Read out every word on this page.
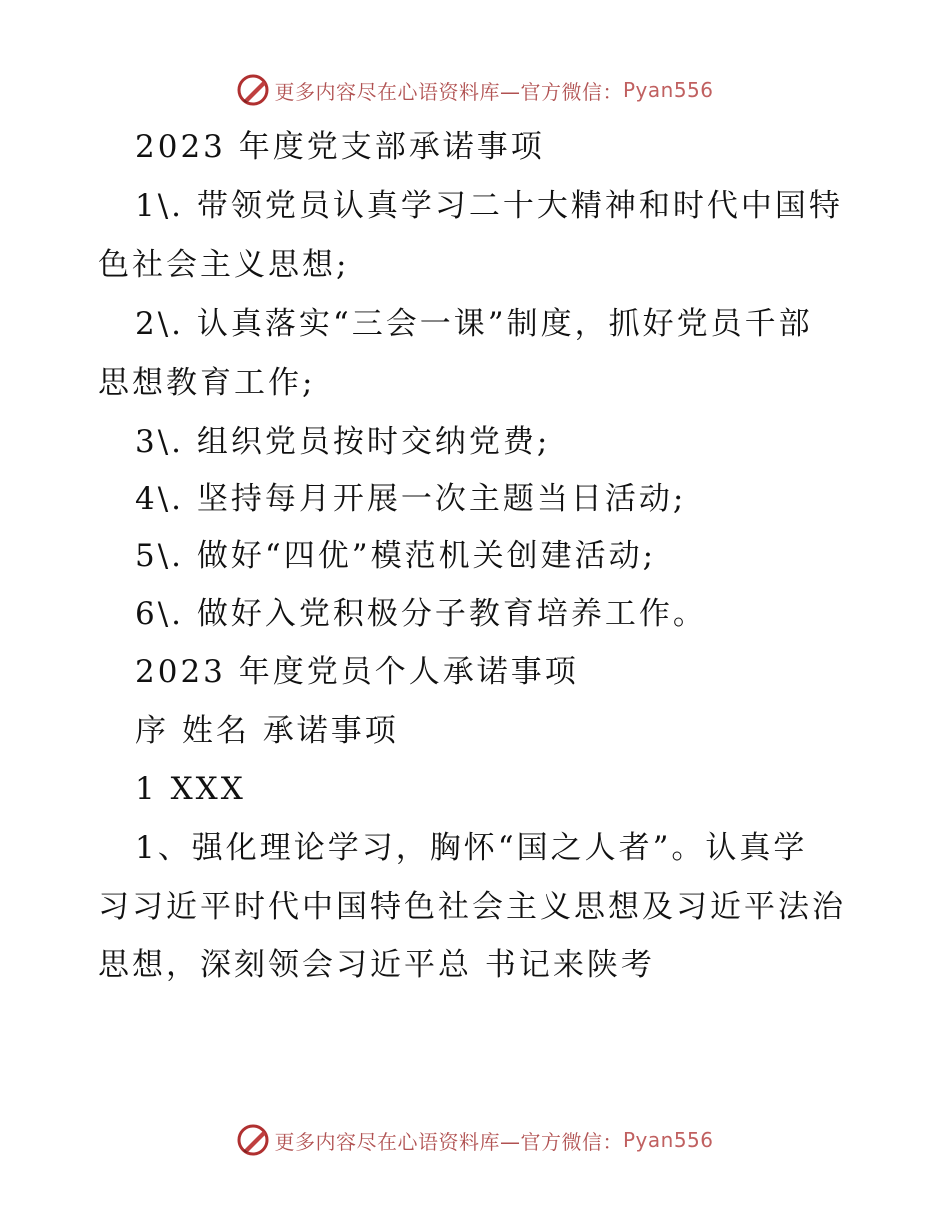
更多内容尽在心语资料库—官方微信： Pyan556
2023 年度党支部承诺事项
1\. 带领党员认真学习二十大精神和时代中国特
色社会主义思想;
2\. 认真落实“三会一课”制度，抓好党员千部
思想教育工作;
3\. 组织党员按时交纳党费;
4\. 坚持每月开展一次主题当日活动;
5\. 做好“四优”模范机关创建活动;
6\. 做好入党积极分子教育培养工作。
2023 年度党员个人承诺事项
序 姓名 承诺事项
1 XXX
1、强化理论学习，胸怀“国之人者”。认真学
习习近平时代中国特色社会主义思想及习近平法治
思想，深刻领会习近平总 书记来陕考
更多内容尽在心语资料库—官方微信： Pyan556
